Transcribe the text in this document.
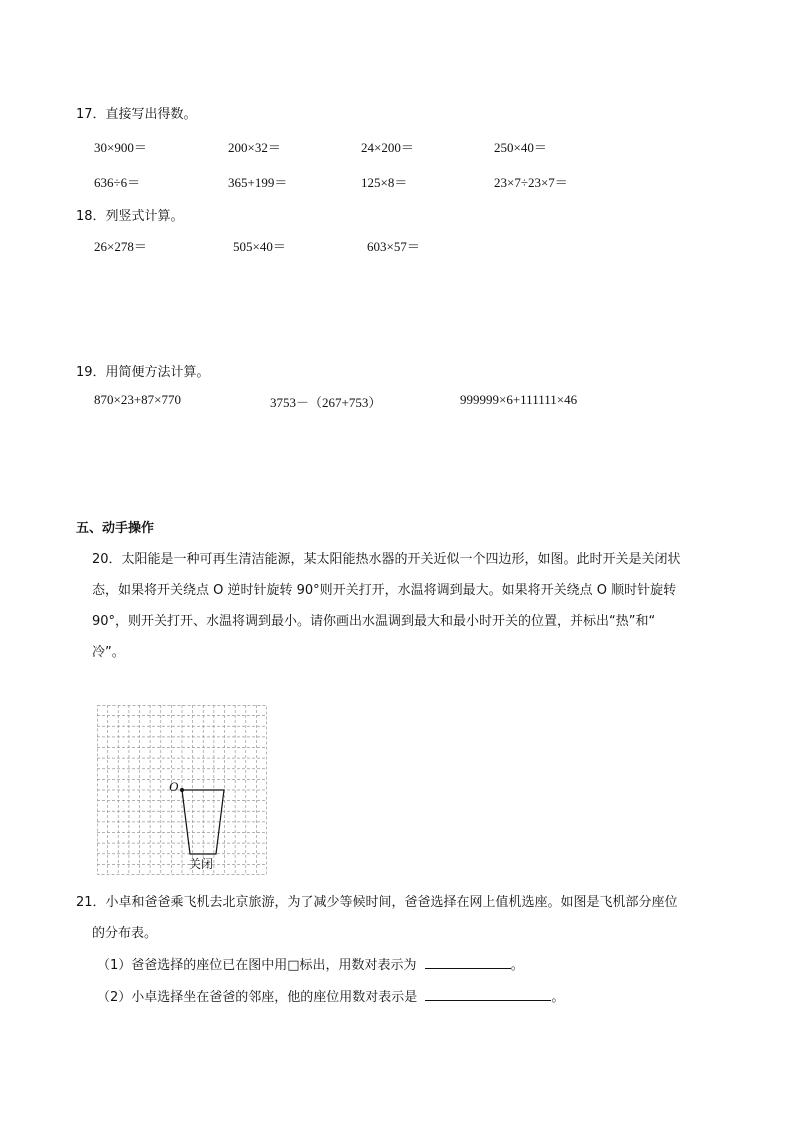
17．直接写出得数。
30×900＝	200×32＝	24×200＝	250×40＝
636÷6＝	365+199＝	125×8＝	23×7÷23×7＝
18．列竖式计算。
26×278＝	505×40＝	603×57＝
19．用简便方法计算。
870×23+87×770	3753－（267+753）	999999×6+111111×46
五、动手操作
20．太阳能是一种可再生清洁能源，某太阳能热水器的开关近似一个四边形，如图。此时开关是关闭状
态，如果将开关绕点 O 逆时针旋转 90°则开关打开，水温将调到最大。如果将开关绕点 O 顺时针旋转
90°，则开关打开、水温将调到最小。请你画出水温调到最大和最小时开关的位置，并标出“热”和“
冷”。
O
关闭
21．小卓和爸爸乘飞机去北京旅游，为了减少等候时间，爸爸选择在网上值机选座。如图是飞机部分座位
的分布表。
（1）爸爸选择的座位已在图中用□标出，用数对表示为	。
（2）小卓选择坐在爸爸的邻座，他的座位用数对表示是	。
